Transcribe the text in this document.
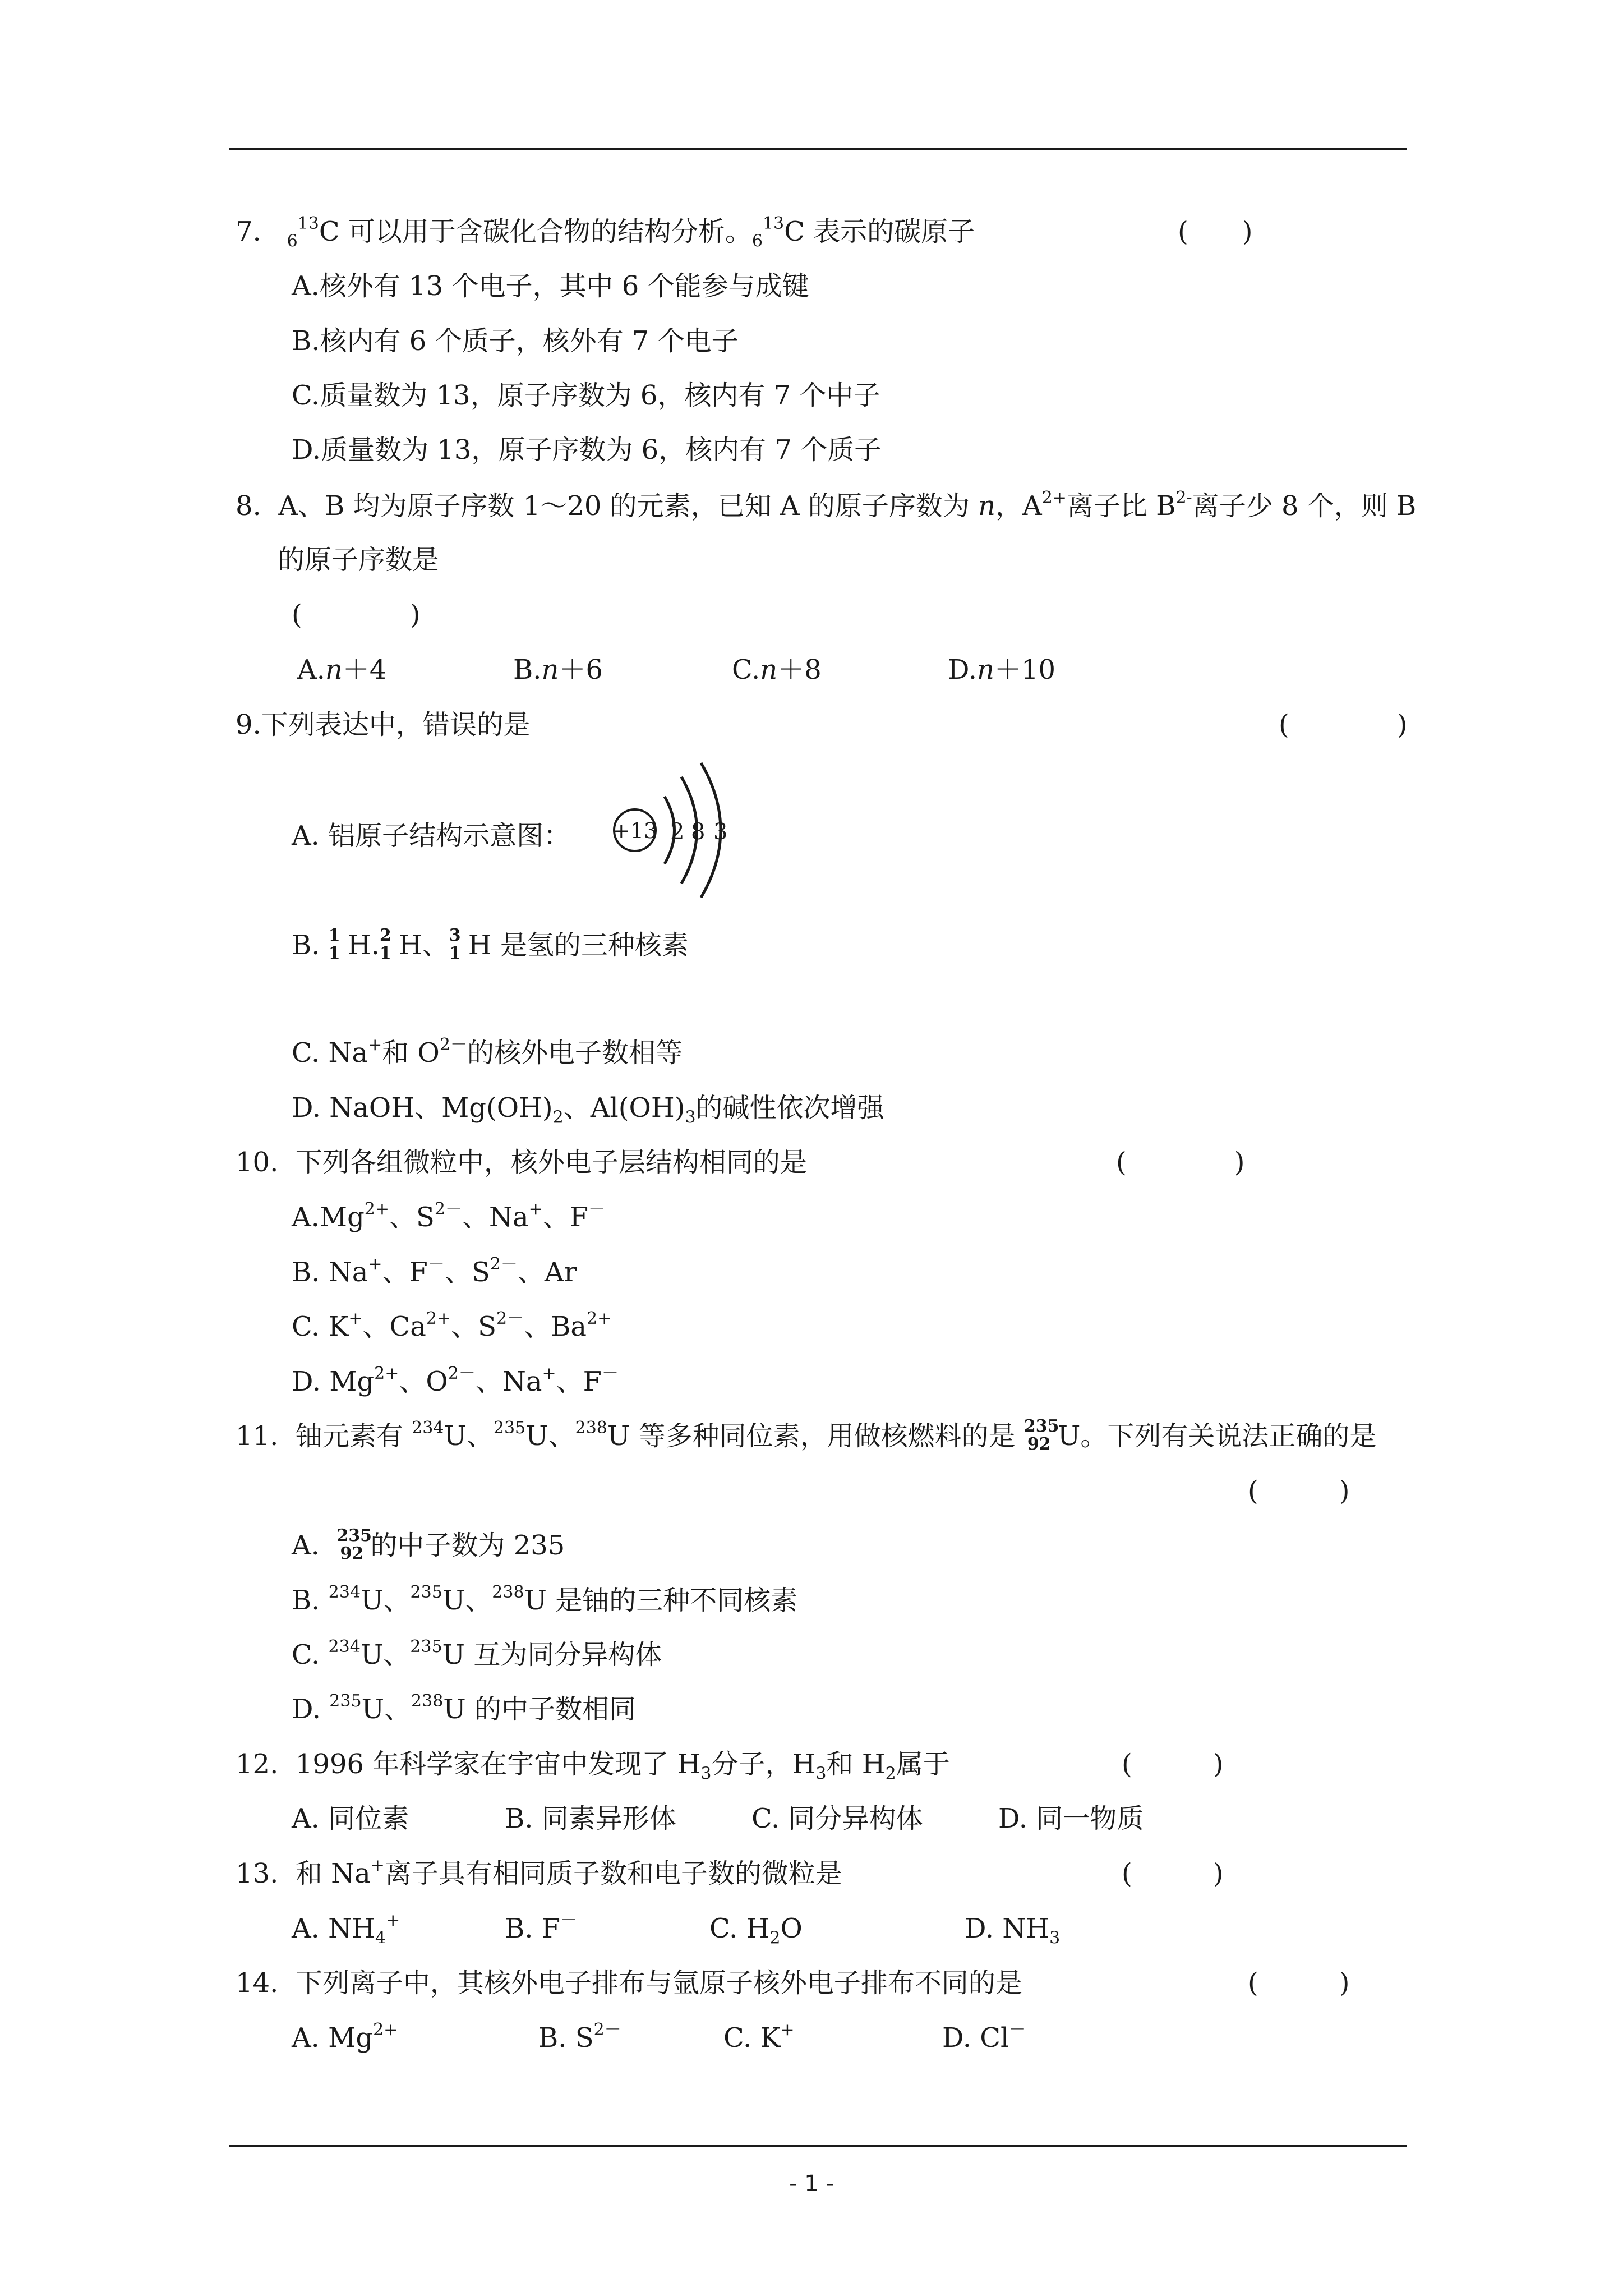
7. $_6^{13}$C 可以用于含碳化合物的结构分析。$_6^{13}$C 表示的碳原子	(　　)
A.核外有 13 个电子，其中 6 个能参与成键
B.核内有 6 个质子，核外有 7 个电子
C.质量数为 13，原子序数为 6，核内有 7 个中子
D.质量数为 13，原子序数为 6，核内有 7 个质子
8. A、B 均为原子序数 1～20 的元素，已知 A 的原子序数为 n，$A^{2+}$离子比 $B^{2-}$离子少 8 个，则 B
的原子序数是
(　　　　)
A.n＋4	B.n＋6	C.n＋8	D.n＋10
9.下列表达中，错误的是	(　　　　)
A. 铝原子结构示意图： +13 2 8 3
B. 1
1 H. 2
1 H、 3
1 H 是氢的三种核素
C. Na+和 $O^{2-}$的核外电子数相等
D. NaOH、$Mg(OH)_2$、$Al(OH)_3$的碱性依次增强
10. 下列各组微粒中，核外电子层结构相同的是	(　　　　)
$A.Mg^{2+}$、$S^{2-}$、Na+、F－
B. Na+、F－、$S^{2-}$、Ar
C. K+、$Ca^{2+}$、$S^{2-}$、$Ba^{2+}$
D. $Mg^{2+}$、$O^{2-}$、Na+、F－
11. 铀元素有 $^{234}$U、$^{235}$U、$^{238}$U 等多种同位素，用做核燃料的是 235
92 U。下列有关说法正确的是
(　　　)
A. 235
92 的中子数为 235
B. $^{234}$U、$^{235}$U、$^{238}$U 是铀的三种不同核素
C. $^{234}$U、$^{235}$U 互为同分异构体
D. $^{235}$U、$^{238}$U 的中子数相同
12. 1996 年科学家在宇宙中发现了 $H_3$分子，$H_3$和 $H_2$属于	(　　　)
A. 同位素	B. 同素异形体	C. 同分异构体	D. 同一物质
13. 和 Na+离子具有相同质子数和电子数的微粒是	(　　　)
A. $NH_4^+$	B. F－	C. $H_2O$	D. $NH_3$
14. 下列离子中，其核外电子排布与氩原子核外电子排布不同的是	(　　　)
A. $Mg^{2+}$	B. $S^{2-}$	C. K+	D. Cl－
- 1 -
